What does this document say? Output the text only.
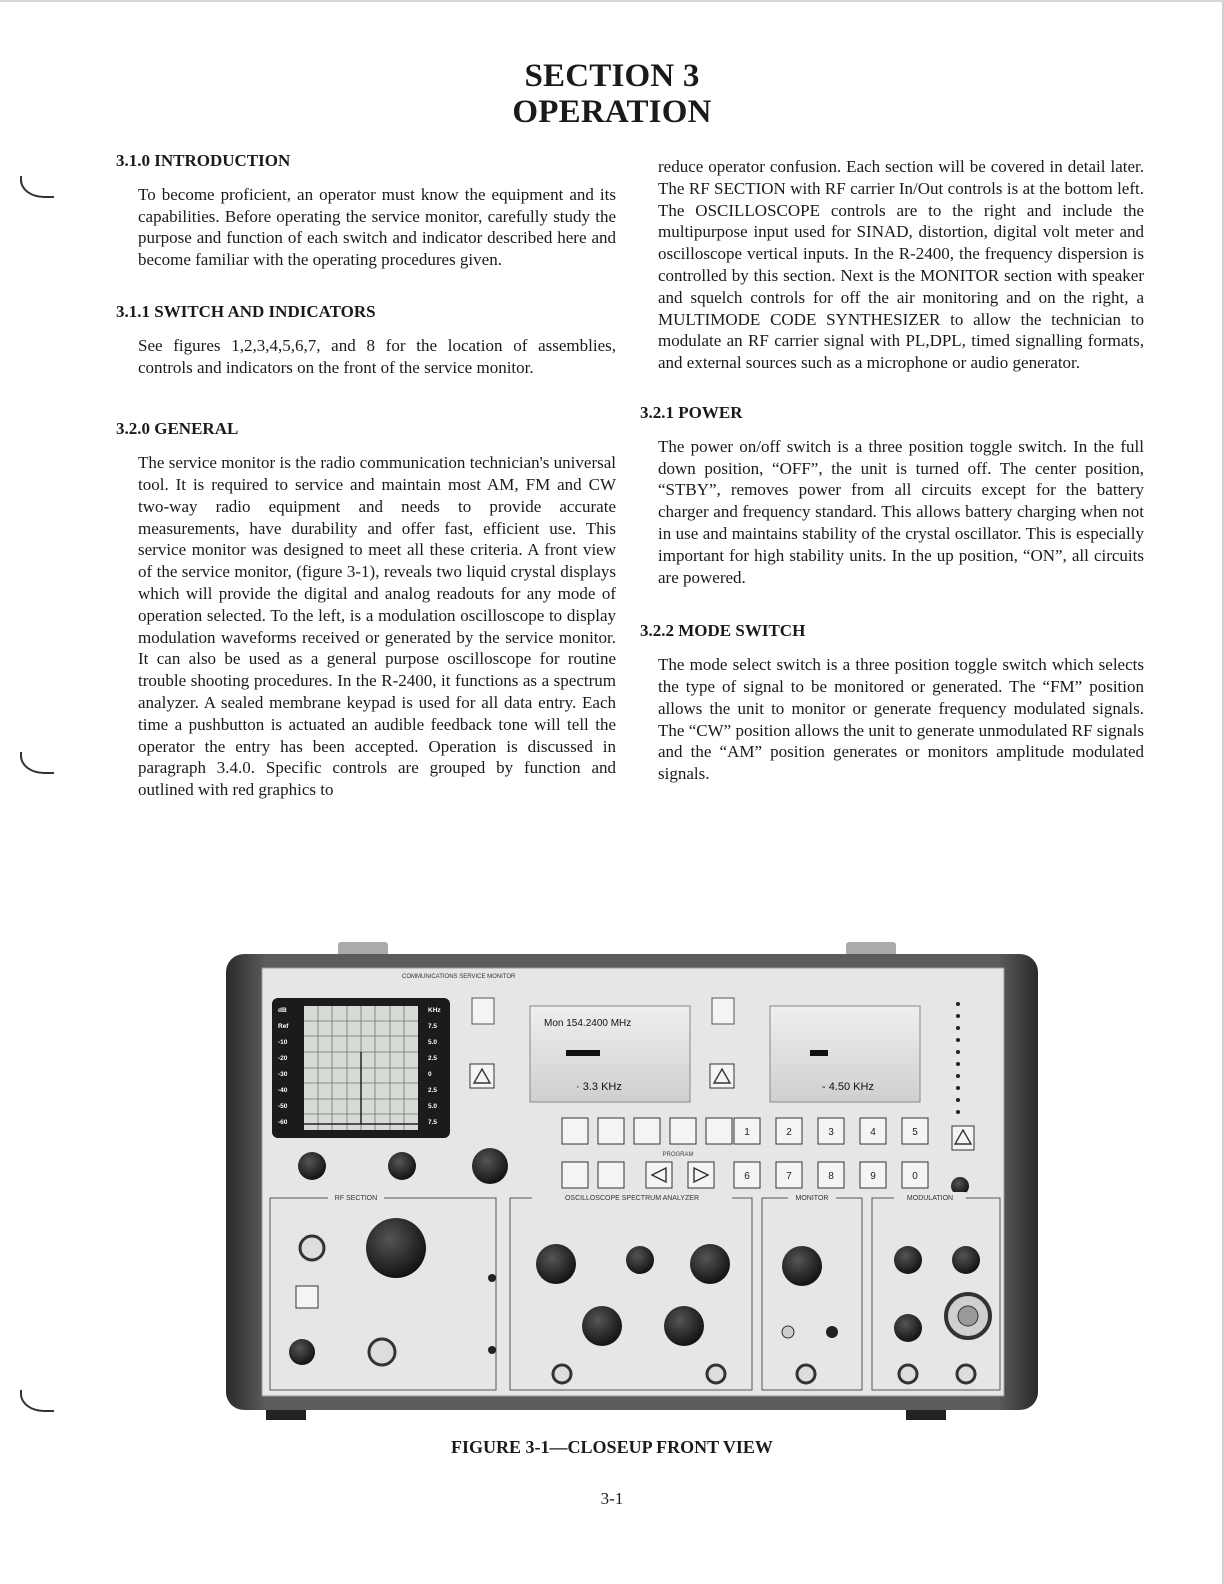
SECTION 3
OPERATION
3.1.0 INTRODUCTION

To become proficient, an operator must know the equipment and its capabilities. Before operating the service monitor, carefully study the purpose and function of each switch and indicator described here and become familiar with the operating procedures given.

3.1.1 SWITCH AND INDICATORS

See figures 1,2,3,4,5,6,7, and 8 for the location of assemblies, controls and indicators on the front of the service monitor.

3.2.0 GENERAL

The service monitor is the radio communication technician's universal tool. It is required to service and maintain most AM, FM and CW two-way radio equipment and needs to provide accurate measurements, have durability and offer fast, efficient use. This service monitor was designed to meet all these criteria. A front view of the service monitor, (figure 3-1), reveals two liquid crystal displays which will provide the digital and analog readouts for any mode of operation selected. To the left, is a modulation oscilloscope to display modulation waveforms received or generated by the service monitor. It can also be used as a general purpose oscilloscope for routine trouble shooting procedures. In the R-2400, it functions as a spectrum analyzer. A sealed membrane keypad is used for all data entry. Each time a pushbutton is actuated an audible feedback tone will tell the operator the entry has been accepted. Operation is discussed in paragraph 3.4.0. Specific controls are grouped by function and outlined with red graphics to

reduce operator confusion. Each section will be covered in detail later. The RF SECTION with RF carrier In/Out controls is at the bottom left. The OSCILLOSCOPE controls are to the right and include the multipurpose input used for SINAD, distortion, digital volt meter and oscilloscope vertical inputs. In the R-2400, the frequency dispersion is controlled by this section. Next is the MONITOR section with speaker and squelch controls for off the air monitoring and on the right, a MULTIMODE CODE SYNTHESIZER to allow the technician to modulate an RF carrier signal with PL,DPL, timed signalling formats, and external sources such as a microphone or audio generator.

3.2.1 POWER

The power on/off switch is a three position toggle switch. In the full down position, “OFF”, the unit is turned off. The center position, “STBY”, removes power from all circuits except for the battery charger and frequency standard. This allows battery charging when not in use and maintains stability of the crystal oscillator. This is especially important for high stability units. In the up position, “ON”, all circuits are powered.

3.2.2 MODE SWITCH

The mode select switch is a three position toggle switch which selects the type of signal to be monitored or generated. The “FM” position allows the unit to monitor or generate frequency modulated signals. The “CW” position allows the unit to generate unmodulated RF signals and the “AM” position generates or monitors amplitude modulated signals.

COMMUNICATIONS SERVICE MONITOR
dB
Ref
-10
-20
-30
-40
-50
-60
KHz
7.5
5.0
2.5
0
2.5
5.0
7.5
Mon 154.2400 MHz
· 3.3 KHz	- 4.50 KHz
1	2	3	4	5
PROGRAM
6	7	8	9	0
RF SECTION	OSCILLOSCOPE SPECTRUM ANALYZER	MONITOR	MODULATION
FIGURE 3-1—CLOSEUP FRONT VIEW
3-1
